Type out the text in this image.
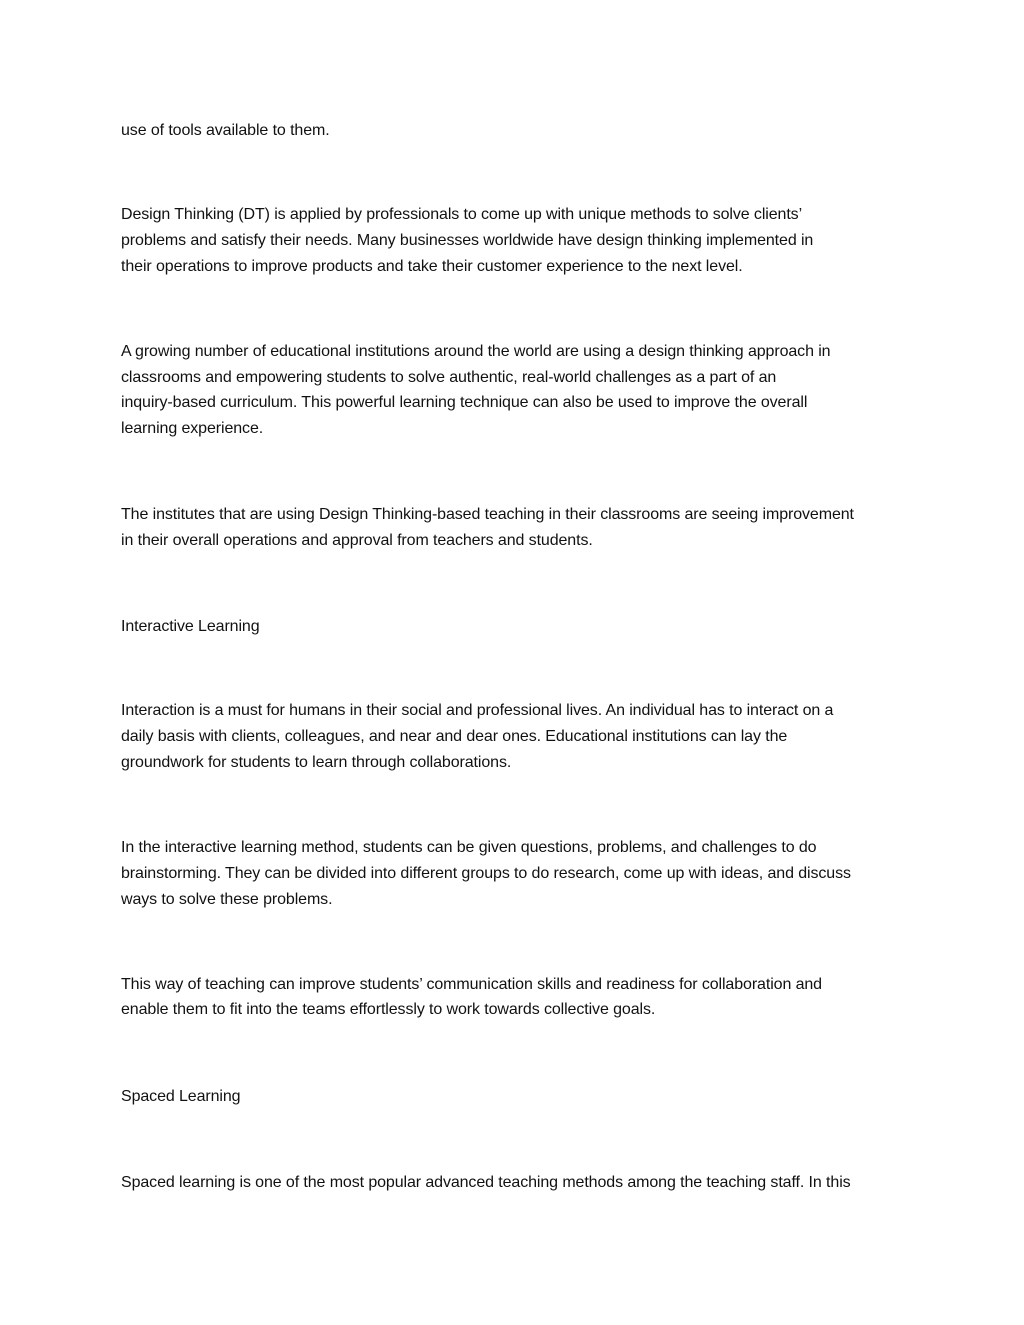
use of tools available to them.
Design Thinking (DT) is applied by professionals to come up with unique methods to solve clients’
problems and satisfy their needs. Many businesses worldwide have design thinking implemented in
their operations to improve products and take their customer experience to the next level.
A growing number of educational institutions around the world are using a design thinking approach in
classrooms and empowering students to solve authentic, real-world challenges as a part of an
inquiry-based curriculum. This powerful learning technique can also be used to improve the overall
learning experience.
The institutes that are using Design Thinking-based teaching in their classrooms are seeing improvement
in their overall operations and approval from teachers and students.
Interactive Learning
Interaction is a must for humans in their social and professional lives. An individual has to interact on a
daily basis with clients, colleagues, and near and dear ones. Educational institutions can lay the
groundwork for students to learn through collaborations.
In the interactive learning method, students can be given questions, problems, and challenges to do
brainstorming. They can be divided into different groups to do research, come up with ideas, and discuss
ways to solve these problems.
This way of teaching can improve students’ communication skills and readiness for collaboration and
enable them to fit into the teams effortlessly to work towards collective goals.
Spaced Learning
Spaced learning is one of the most popular advanced teaching methods among the teaching staff. In this
